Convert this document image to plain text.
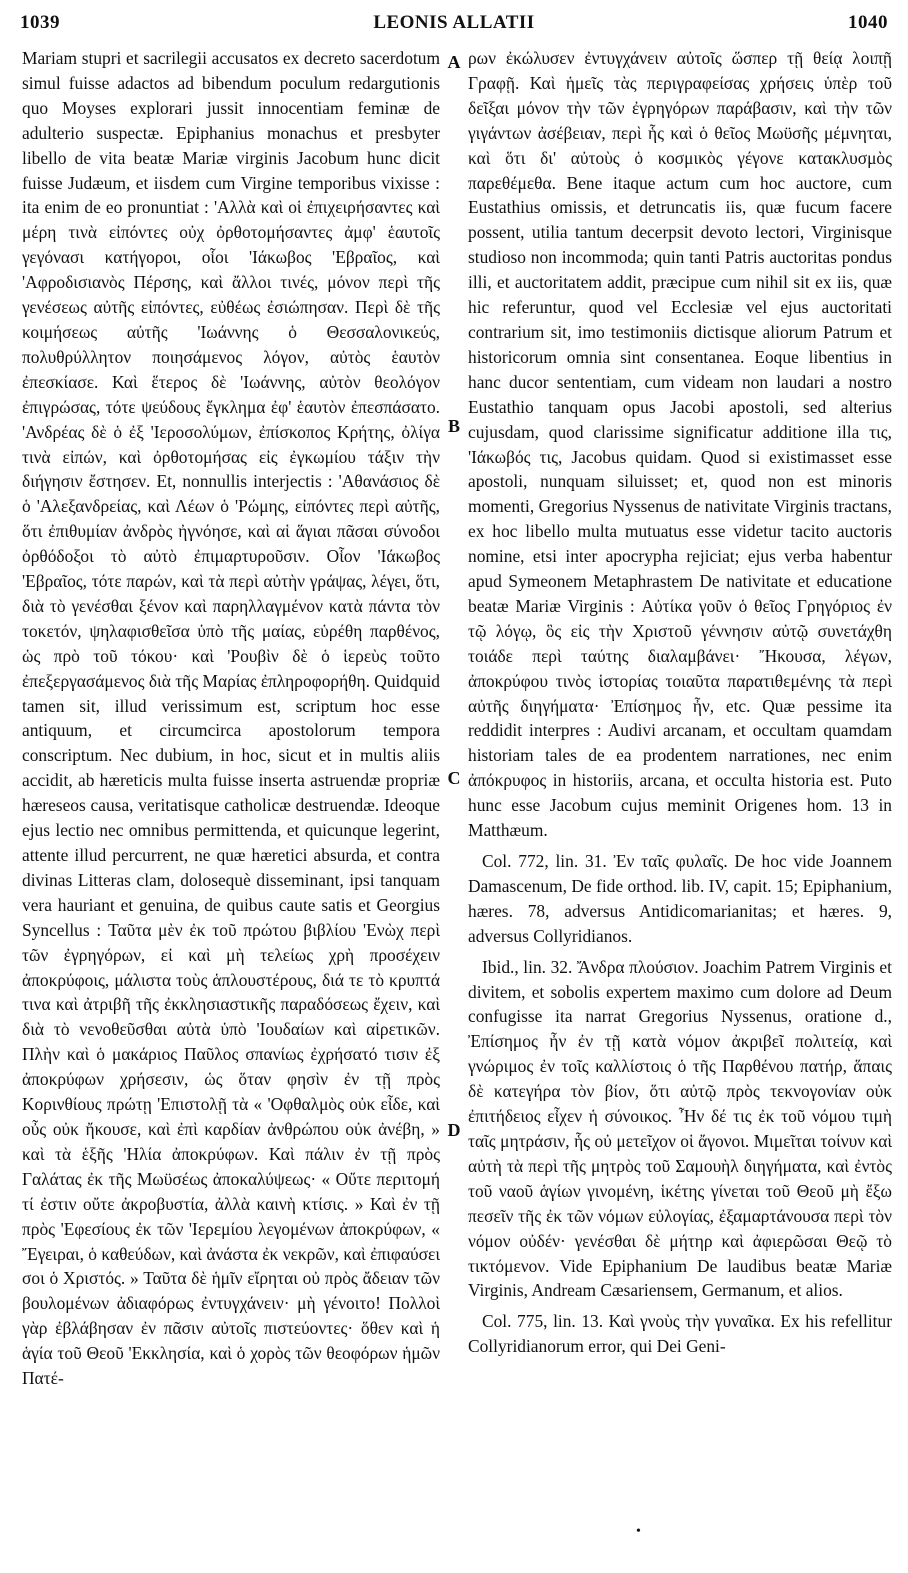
1039	LEONIS ALLATII	1040

Mariam stupri et sacrilegii accusatos ex decreto sacerdotum simul fuisse adactos ad bibendum poculum redargutionis quo Moyses explorari jussit innocentiam feminæ de adulterio suspectæ. Epiphanius monachus et presbyter libello de vita beatæ Mariæ virginis Jacobum hunc dicit fuisse Judæum, et iisdem cum Virgine temporibus vixisse : ita enim de eo pronuntiat : 'Αλλὰ καὶ οἱ ἐπιχειρήσαντες καὶ μέρη τινὰ εἰπόντες οὐχ ὀρθοτομήσαντες ἀμφ' ἑαυτοῖς γεγόνασι κατήγοροι, οἷοι 'Ιάκωβος 'Εβραῖος, καὶ 'Αφροδισιανὸς Πέρσης, καὶ ἄλλοι τινές, μόνον περὶ τῆς γενέσεως αὐτῆς εἰπόντες, εὐθέως ἐσιώπησαν. Περὶ δὲ τῆς κοιμήσεως αὐτῆς 'Ιωάννης ὁ Θεσσαλονικεύς, πολυθρύλλητον ποιησάμενος λόγον, αὐτὸς ἑαυτὸν ἐπεσκίασε. Καὶ ἕτερος δὲ 'Ιωάννης, αὐτὸν θεολόγον ἐπιγρώσας, τότε ψεύδους ἔγκλημα ἐφ' ἑαυτὸν ἐπεσπάσατο. 'Ανδρέας δὲ ὁ ἐξ 'Ιεροσολύμων, ἐπίσκοπος Κρήτης, ὀλίγα τινὰ εἰπών, καὶ ὀρθοτομήσας εἰς ἐγκωμίου τάξιν τὴν διήγησιν ἔστησεν. Et, nonnullis interjectis : 'Αθανάσιος δὲ ὁ 'Αλεξανδρείας, καὶ Λέων ὁ 'Ρώμης, εἰπόντες περὶ αὐτῆς, ὅτι ἐπιθυμίαν ἀνδρὸς ἠγνόησε, καὶ αἱ ἅγιαι πᾶσαι σύνοδοι ὀρθόδοξοι τὸ αὐτὸ ἐπιμαρτυροῦσιν. Οἷον 'Ιάκωβος 'Εβραῖος, τότε παρών, καὶ τὰ περὶ αὐτὴν γράψας, λέγει, ὅτι, διὰ τὸ γενέσθαι ξένον καὶ παρηλλαγμένον κατὰ πάντα τὸν τοκετόν, ψηλαφισθεῖσα ὑπὸ τῆς μαίας, εὑρέθη παρθένος, ὡς πρὸ τοῦ τόκου· καὶ 'Ρουβὶν δὲ ὁ ἱερεὺς τοῦτο ἐπεξεργασάμενος διὰ τῆς Μαρίας ἐπληροφορήθη. Quidquid tamen sit, illud verissimum est, scriptum hoc esse antiquum, et circumcirca apostolorum tempora conscriptum. Nec dubium, in hoc, sicut et in multis aliis accidit, ab hæreticis multa fuisse inserta astruendæ propriæ hæreseos causa, veritatisque catholicæ destruendæ. Ideoque ejus lectio nec omnibus permittenda, et quicunque legerint, attente illud percurrent, ne quæ hæretici absurda, et contra divinas Litteras clam, dolosequè disseminant, ipsi tanquam vera hauriant et genuina, de quibus caute satis et Georgius Syncellus : Ταῦτα μὲν ἐκ τοῦ πρώτου βιβλίου 'Ενὼχ περὶ τῶν ἐγρηγόρων, εἰ καὶ μὴ τελείως χρὴ προσέχειν ἀποκρύφοις, μάλιστα τοὺς ἁπλουστέρους, διά τε τὸ κρυπτά τινα καὶ ἀτριβῆ τῆς ἐκκλησιαστικῆς παραδόσεως ἔχειν, καὶ διὰ τὸ νενοθεῦσθαι αὐτὰ ὑπὸ 'Ιουδαίων καὶ αἱρετικῶν. Πλὴν καὶ ὁ μακάριος Παῦλος σπανίως ἐχρήσατό τισιν ἐξ ἀποκρύφων χρήσεσιν, ὡς ὅταν φησὶν ἐν τῇ πρὸς Κορινθίους πρώτῃ 'Επιστολῇ τὰ « 'Οφθαλμὸς οὐκ εἶδε, καὶ οὖς οὐκ ἤκουσε, καὶ ἐπὶ καρδίαν ἀνθρώπου οὐκ ἀνέβη, » καὶ τὰ ἑξῆς 'Ηλία ἀποκρύφων. Καὶ πάλιν ἐν τῇ πρὸς Γαλάτας ἐκ τῆς Μωϋσέως ἀποκαλύψεως· « Οὔτε περιτομή τί ἐστιν οὔτε ἀκροβυστία, ἀλλὰ καινὴ κτίσις. » Καὶ ἐν τῇ πρὸς 'Εφεσίους ἐκ τῶν 'Ιερεμίου λεγομένων ἀποκρύφων, « Ἔγειραι, ὁ καθεύδων, καὶ ἀνάστα ἐκ νεκρῶν, καὶ ἐπιφαύσει σοι ὁ Χριστός. » Ταῦτα δὲ ἡμῖν εἴρηται οὐ πρὸς ἄδειαν τῶν βουλομένων ἀδιαφόρως ἐντυγχάνειν· μὴ γένοιτο! Πολλοὶ γὰρ ἐβλάβησαν ἐν πᾶσιν αὐτοῖς πιστεύοντες· ὅθεν καὶ ἡ ἁγία τοῦ Θεοῦ 'Εκκλησία, καὶ ὁ χορὸς τῶν θεοφόρων ἡμῶν Πατέ-

A
B
C
D

ρων ἐκώλυσεν ἐντυγχάνειν αὐτοῖς ὥσπερ τῇ θείᾳ λοιπῇ Γραφῇ. Καὶ ἡμεῖς τὰς περιγραφείσας χρήσεις ὑπὲρ τοῦ δεῖξαι μόνον τὴν τῶν ἐγρηγόρων παράβασιν, καὶ τὴν τῶν γιγάντων ἀσέβειαν, περὶ ἧς καὶ ὁ θεῖος Μωϋσῆς μέμνηται, καὶ ὅτι δι' αὐτοὺς ὁ κοσμικὸς γέγονε κατακλυσμὸς παρεθέμεθα. Bene itaque actum cum hoc auctore, cum Eustathius omissis, et detruncatis iis, quæ fucum facere possent, utilia tantum decerpsit devoto lectori, Virginisque studioso non incommoda; quin tanti Patris auctoritas pondus illi, et auctoritatem addit, præcipue cum nihil sit ex iis, quæ hic referuntur, quod vel Ecclesiæ vel ejus auctoritati contrarium sit, imo testimoniis dictisque aliorum Patrum et historicorum omnia sint consentanea. Eoque libentius in hanc ducor sententiam, cum videam non laudari a nostro Eustathio tanquam opus Jacobi apostoli, sed alterius cujusdam, quod clarissime significatur additione illa τις, 'Ιάκωβός τις, Jacobus quidam. Quod si existimasset esse apostoli, nunquam siluisset; et, quod non est minoris momenti, Gregorius Nyssenus de nativitate Virginis tractans, ex hoc libello multa mutuatus esse videtur tacito auctoris nomine, etsi inter apocrypha rejiciat; ejus verba habentur apud Symeonem Metaphrastem De nativitate et educatione beatæ Mariæ Virginis : Αὐτίκα γοῦν ὁ θεῖος Γρηγόριος ἐν τῷ λόγῳ, ὃς εἰς τὴν Χριστοῦ γέννησιν αὐτῷ συνετάχθη τοιάδε περὶ ταύτης διαλαμβάνει· Ἤκουσα, λέγων, ἀποκρύφου τινὸς ἱστορίας τοιαῦτα παρατιθεμένης τὰ περὶ αὐτῆς διηγήματα· Ἐπίσημος ἦν, etc. Quæ pessime ita reddidit interpres : Audivi arcanam, et occultam quamdam historiam tales de ea prodentem narrationes, nec enim ἀπόκρυφος in historiis, arcana, et occulta historia est. Puto hunc esse Jacobum cujus meminit Origenes hom. 13 in Matthæum.

Col. 772, lin. 31. Ἐν ταῖς φυλαῖς. De hoc vide Joannem Damascenum, De fide orthod. lib. IV, capit. 15; Epiphanium, hæres. 78, adversus Antidicomarianitas; et hæres. 9, adversus Collyridianos.

Ibid., lin. 32. Ἄνδρα πλούσιον. Joachim Patrem Virginis et divitem, et sobolis expertem maximo cum dolore ad Deum confugisse ita narrat Gregorius Nyssenus, oratione d., Ἐπίσημος ἦν ἐν τῇ κατὰ νόμον ἀκριβεῖ πολιτείᾳ, καὶ γνώριμος ἐν τοῖς καλλίστοις ὁ τῆς Παρθένου πατήρ, ἅπαις δὲ κατεγήρα τὸν βίον, ὅτι αὐτῷ πρὸς τεκνογονίαν οὐκ ἐπιτήδειος εἶχεν ἡ σύνοικος. Ἦν δέ τις ἐκ τοῦ νόμου τιμὴ ταῖς μητράσιν, ἧς οὐ μετεῖχον οἱ ἄγονοι. Μιμεῖται τοίνυν καὶ αὐτὴ τὰ περὶ τῆς μητρὸς τοῦ Σαμουὴλ διηγήματα, καὶ ἐντὸς τοῦ ναοῦ ἁγίων γινομένη, ἱκέτης γίνεται τοῦ Θεοῦ μὴ ἔξω πεσεῖν τῆς ἐκ τῶν νόμων εὐλογίας, ἐξαμαρτάνουσα περὶ τὸν νόμον οὐδέν· γενέσθαι δὲ μήτηρ καὶ ἀφιερῶσαι Θεῷ τὸ τικτόμενον. Vide Epiphanium De laudibus beatæ Mariæ Virginis, Andream Cæsariensem, Germanum, et alios.

Col. 775, lin. 13. Καὶ γνοὺς τὴν γυναῖκα. Ex his refellitur Collyridianorum error, qui Dei Geni-

•
